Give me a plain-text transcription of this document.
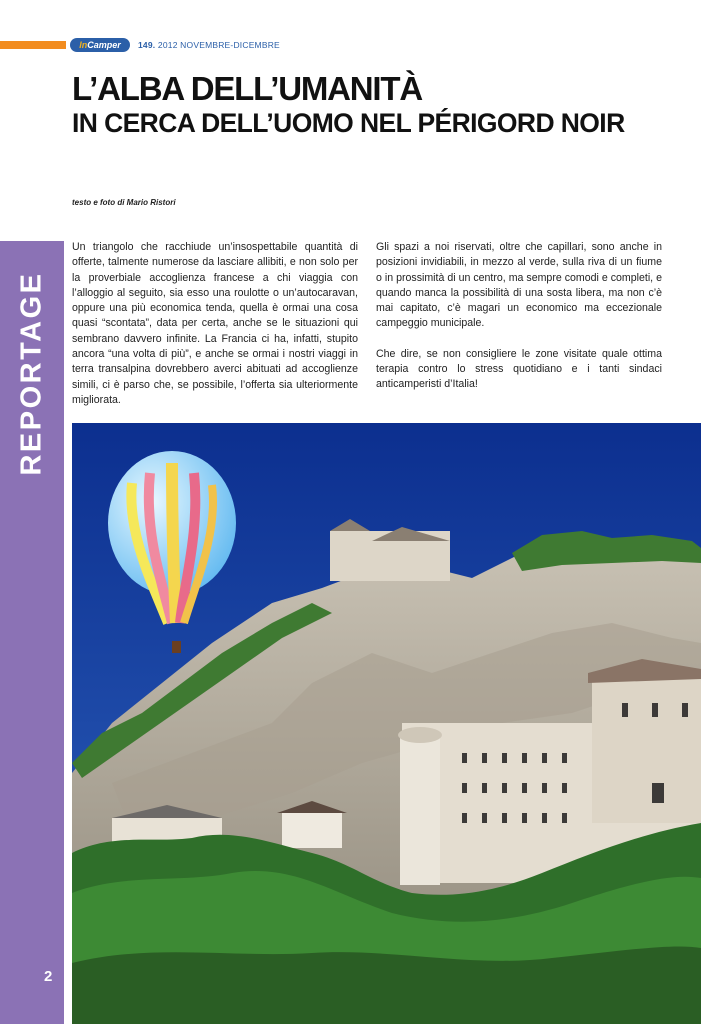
InCamper	149. 2012 NOVEMBRE-DICEMBRE
L’ALBA DELL’UMANITÀ
IN CERCA DELL’UOMO NEL PÉRIGORD NOIR
testo e foto di Mario Ristori
REPORTAGE
2

Un triangolo che racchiude un’insospettabile quantità di offerte, talmente numerose da lasciare allibiti, e non solo per la proverbiale accoglienza francese a chi viaggia con l’alloggio al seguito, sia esso una roulotte o un’autocaravan, oppure una più economica tenda, quella è ormai una cosa quasi “scontata”, data per certa, anche se le situazioni qui sembrano davvero infinite. La Francia ci ha, infatti, stupito ancora “una volta di più”, e anche se ormai i nostri viaggi in terra transalpina dovrebbero averci abituati ad accoglienze simili, ci è parso che, se possibile, l’offerta sia ulteriormente migliorata.

Gli spazi a noi riservati, oltre che capillari, sono anche in posizioni invidiabili, in mezzo al verde, sulla riva di un fiume o in prossimità di un centro, ma sempre comodi e completi, e quando manca la possibilità di una sosta libera, ma non c’è mai capitato, c’è magari un economico ma eccezionale campeggio municipale.

Che dire, se non consigliere le zone visitate quale ottima terapia contro lo stress quotidiano e i tanti sindaci anticamperisti d’Italia!
